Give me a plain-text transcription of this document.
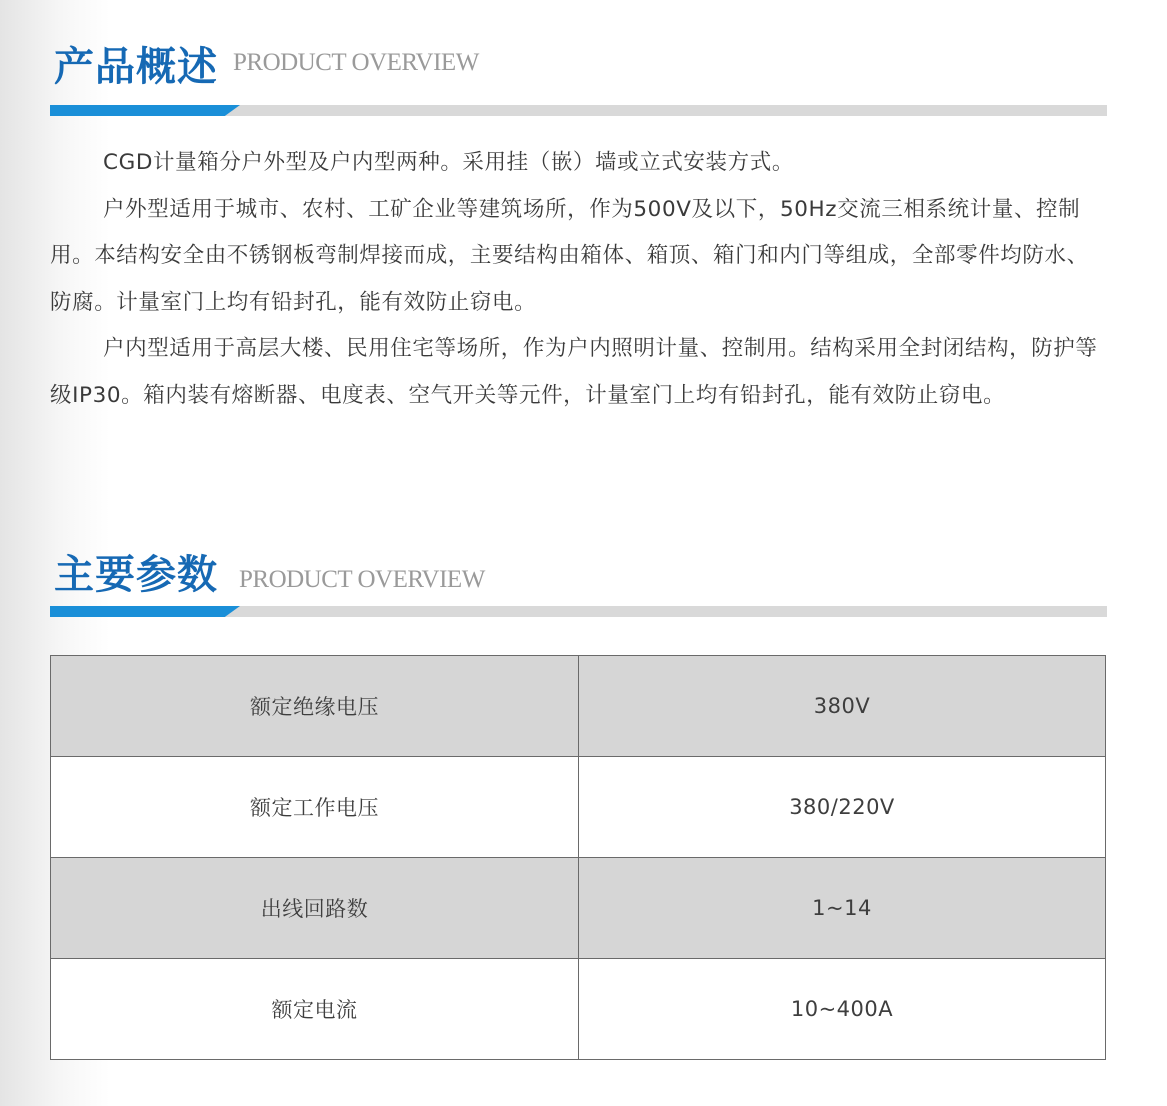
产品概述 PRODUCT OVERVIEW

CGD计量箱分户外型及户内型两种。采用挂（嵌）墙或立式安装方式。

户外型适用于城市、农村、工矿企业等建筑场所，作为500V及以下，50Hz交流三相系统计量、控制用。本结构安全由不锈钢板弯制焊接而成，主要结构由箱体、箱顶、箱门和内门等组成，全部零件均防水、防腐。计量室门上均有铅封孔，能有效防止窃电。

户内型适用于高层大楼、民用住宅等场所，作为户内照明计量、控制用。结构采用全封闭结构，防护等级IP30。箱内装有熔断器、电度表、空气开关等元件，计量室门上均有铅封孔，能有效防止窃电。

主要参数 PRODUCT OVERVIEW
额定绝缘电压	380V
额定工作电压	380/220V
出线回路数	1~14
额定电流	10~400A
